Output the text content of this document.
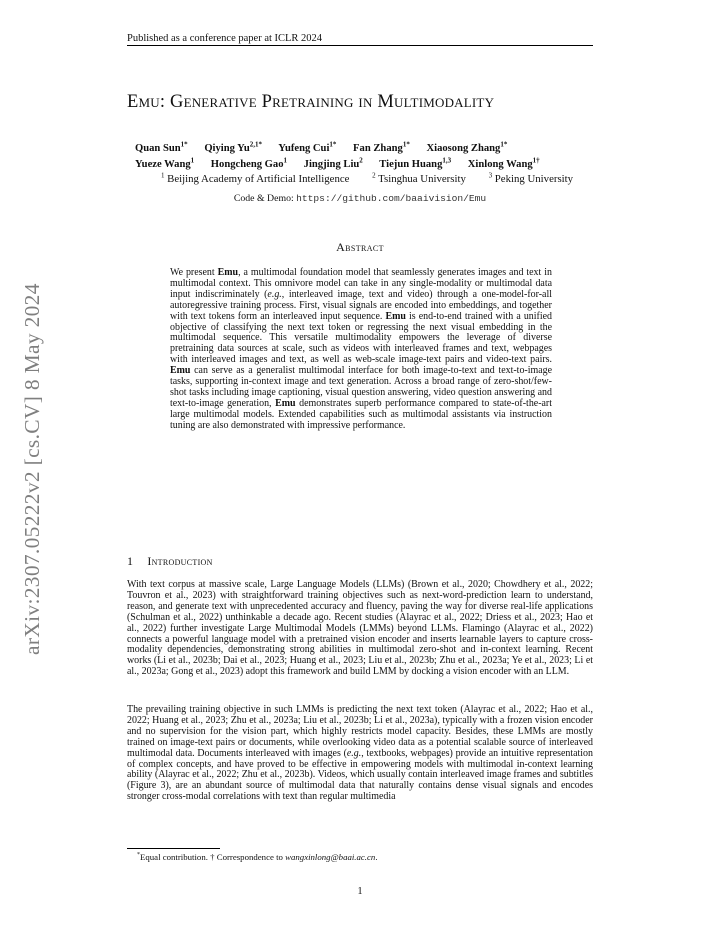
Published as a conference paper at ICLR 2024
Emu: Generative Pretraining in Multimodality
Quan Sun$^{1*}$ Qiying $Yu^{2,1*}$ Yufeng Cui$^{1*}$ Fan Zhang$^{1*}$ Xiaosong Zhang$^{1*}$
Yueze Wang$^1$ Hongcheng Gao$^1$ Jingjing Liu$^2$ Tiejun Huang$^{1,3}$ Xinlong Wang$^{1\dagger}$
$^1$ Beijing Academy of Artificial Intelligence	$^2$ Tsinghua University	$^3$ Peking University
Code & Demo: https://github.com/baaivision/Emu
arXiv:2307.05222v2 [cs.CV] 8 May 2024
Abstract
We present Emu, a multimodal foundation model that seamlessly generates images and text in multimodal context. This omnivore model can take in any single-modality or multimodal data input indiscriminately (e.g., interleaved image, text and video) through a one-model-for-all autoregressive training process. First, visual signals are encoded into embeddings, and together with text tokens form an interleaved input sequence. Emu is end-to-end trained with a unified objective of classifying the next text token or regressing the next visual embedding in the multimodal sequence. This versatile multimodality empowers the leverage of diverse pretraining data sources at scale, such as videos with interleaved frames and text, webpages with interleaved images and text, as well as web-scale image-text pairs and video-text pairs. Emu can serve as a generalist multimodal interface for both image-to-text and text-to-image tasks, supporting in-context image and text generation. Across a broad range of zero-shot/few-shot tasks including image captioning, visual question answering, video question answering and text-to-image generation, Emu demonstrates superb performance compared to state-of-the-art large multimodal models. Extended capabilities such as multimodal assistants via instruction tuning are also demonstrated with impressive performance.
1 Introduction
With text corpus at massive scale, Large Language Models (LLMs) (Brown et al., 2020; Chowdhery et al., 2022; Touvron et al., 2023) with straightforward training objectives such as next-word-prediction learn to understand, reason, and generate text with unprecedented accuracy and fluency, paving the way for diverse real-life applications (Schulman et al., 2022) unthinkable a decade ago. Recent studies (Alayrac et al., 2022; Driess et al., 2023; Hao et al., 2022) further investigate Large Multimodal Models (LMMs) beyond LLMs. Flamingo (Alayrac et al., 2022) connects a powerful language model with a pretrained vision encoder and inserts learnable layers to capture cross-modality dependencies, demonstrating strong abilities in multimodal zero-shot and in-context learning. Recent works (Li et al., 2023b; Dai et al., 2023; Huang et al., 2023; Liu et al., 2023b; Zhu et al., 2023a; Ye et al., 2023; Li et al., 2023a; Gong et al., 2023) adopt this framework and build LMM by docking a vision encoder with an LLM.
The prevailing training objective in such LMMs is predicting the next text token (Alayrac et al., 2022; Hao et al., 2022; Huang et al., 2023; Zhu et al., 2023a; Liu et al., 2023b; Li et al., 2023a), typically with a frozen vision encoder and no supervision for the vision part, which highly restricts model capacity. Besides, these LMMs are mostly trained on image-text pairs or documents, while overlooking video data as a potential scalable source of interleaved multimodal data. Documents interleaved with images (e.g., textbooks, webpages) provide an intuitive representation of complex concepts, and have proved to be effective in empowering models with multimodal in-context learning ability (Alayrac et al., 2022; Zhu et al., 2023b). Videos, which usually contain interleaved image frames and subtitles (Figure 3), are an abundant source of multimodal data that naturally contains dense visual signals and encodes stronger cross-modal correlations with text than regular multimedia
*Equal contribution. † Correspondence to wangxinlong@baai.ac.cn.
1
